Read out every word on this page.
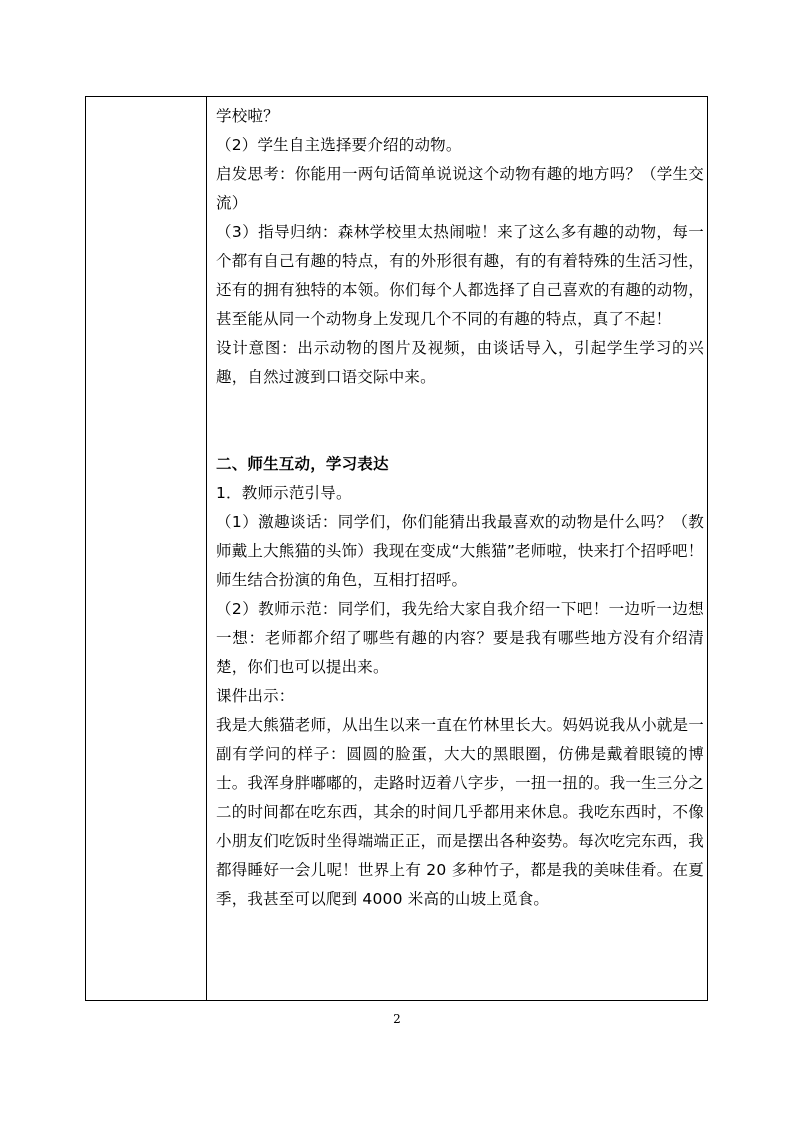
学校啦？

（2）学生自主选择要介绍的动物。

启发思考：你能用一两句话简单说说这个动物有趣的地方吗？（学生交流）

（3）指导归纳：森林学校里太热闹啦！来了这么多有趣的动物，每一个都有自己有趣的特点，有的外形很有趣，有的有着特殊的生活习性，还有的拥有独特的本领。你们每个人都选择了自己喜欢的有趣的动物，甚至能从同一个动物身上发现几个不同的有趣的特点，真了不起！

设计意图：出示动物的图片及视频，由谈话导入，引起学生学习的兴趣，自然过渡到口语交际中来。

二、师生互动，学习表达

1．教师示范引导。

（1）激趣谈话：同学们，你们能猜出我最喜欢的动物是什么吗？（教师戴上大熊猫的头饰）我现在变成“大熊猫”老师啦，快来打个招呼吧！

师生结合扮演的角色，互相打招呼。

（2）教师示范：同学们，我先给大家自我介绍一下吧！一边听一边想一想：老师都介绍了哪些有趣的内容？要是我有哪些地方没有介绍清楚，你们也可以提出来。

课件出示：

我是大熊猫老师，从出生以来一直在竹林里长大。妈妈说我从小就是一副有学问的样子：圆圆的脸蛋，大大的黑眼圈，仿佛是戴着眼镜的博士。我浑身胖嘟嘟的，走路时迈着八字步，一扭一扭的。我一生三分之二的时间都在吃东西，其余的时间几乎都用来休息。我吃东西时，不像小朋友们吃饭时坐得端端正正，而是摆出各种姿势。每次吃完东西，我都得睡好一会儿呢！世界上有 20 多种竹子，都是我的美味佳肴。在夏季，我甚至可以爬到 4000 米高的山坡上觅食。

2
